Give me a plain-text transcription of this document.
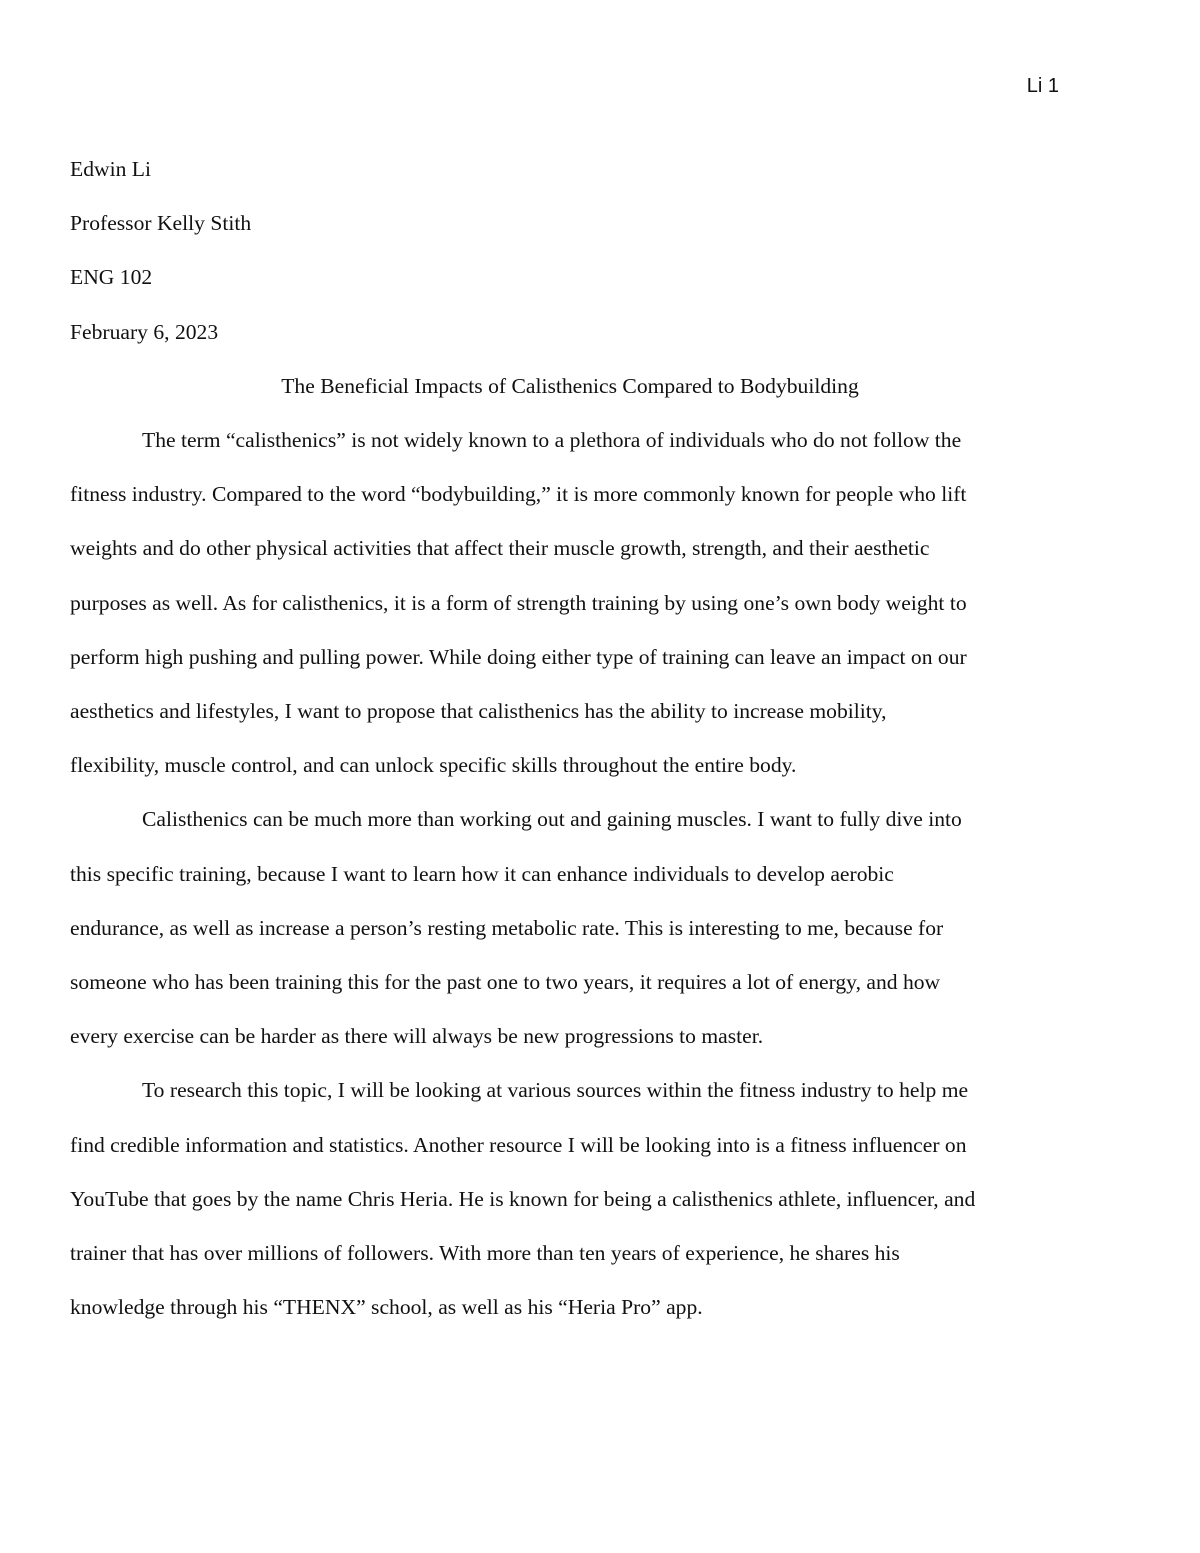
Li 1

Edwin Li

Professor Kelly Stith

ENG 102

February 6, 2023

The Beneficial Impacts of Calisthenics Compared to Bodybuilding

The term “calisthenics” is not widely known to a plethora of individuals who do not follow the

fitness industry. Compared to the word “bodybuilding,” it is more commonly known for people who lift

weights and do other physical activities that affect their muscle growth, strength, and their aesthetic

purposes as well. As for calisthenics, it is a form of strength training by using one’s own body weight to

perform high pushing and pulling power. While doing either type of training can leave an impact on our

aesthetics and lifestyles, I want to propose that calisthenics has the ability to increase mobility,

flexibility, muscle control, and can unlock specific skills throughout the entire body.

Calisthenics can be much more than working out and gaining muscles. I want to fully dive into

this specific training, because I want to learn how it can enhance individuals to develop aerobic

endurance, as well as increase a person’s resting metabolic rate. This is interesting to me, because for

someone who has been training this for the past one to two years, it requires a lot of energy, and how

every exercise can be harder as there will always be new progressions to master.

To research this topic, I will be looking at various sources within the fitness industry to help me

find credible information and statistics. Another resource I will be looking into is a fitness influencer on

YouTube that goes by the name Chris Heria. He is known for being a calisthenics athlete, influencer, and

trainer that has over millions of followers. With more than ten years of experience, he shares his

knowledge through his “THENX” school, as well as his “Heria Pro” app.
